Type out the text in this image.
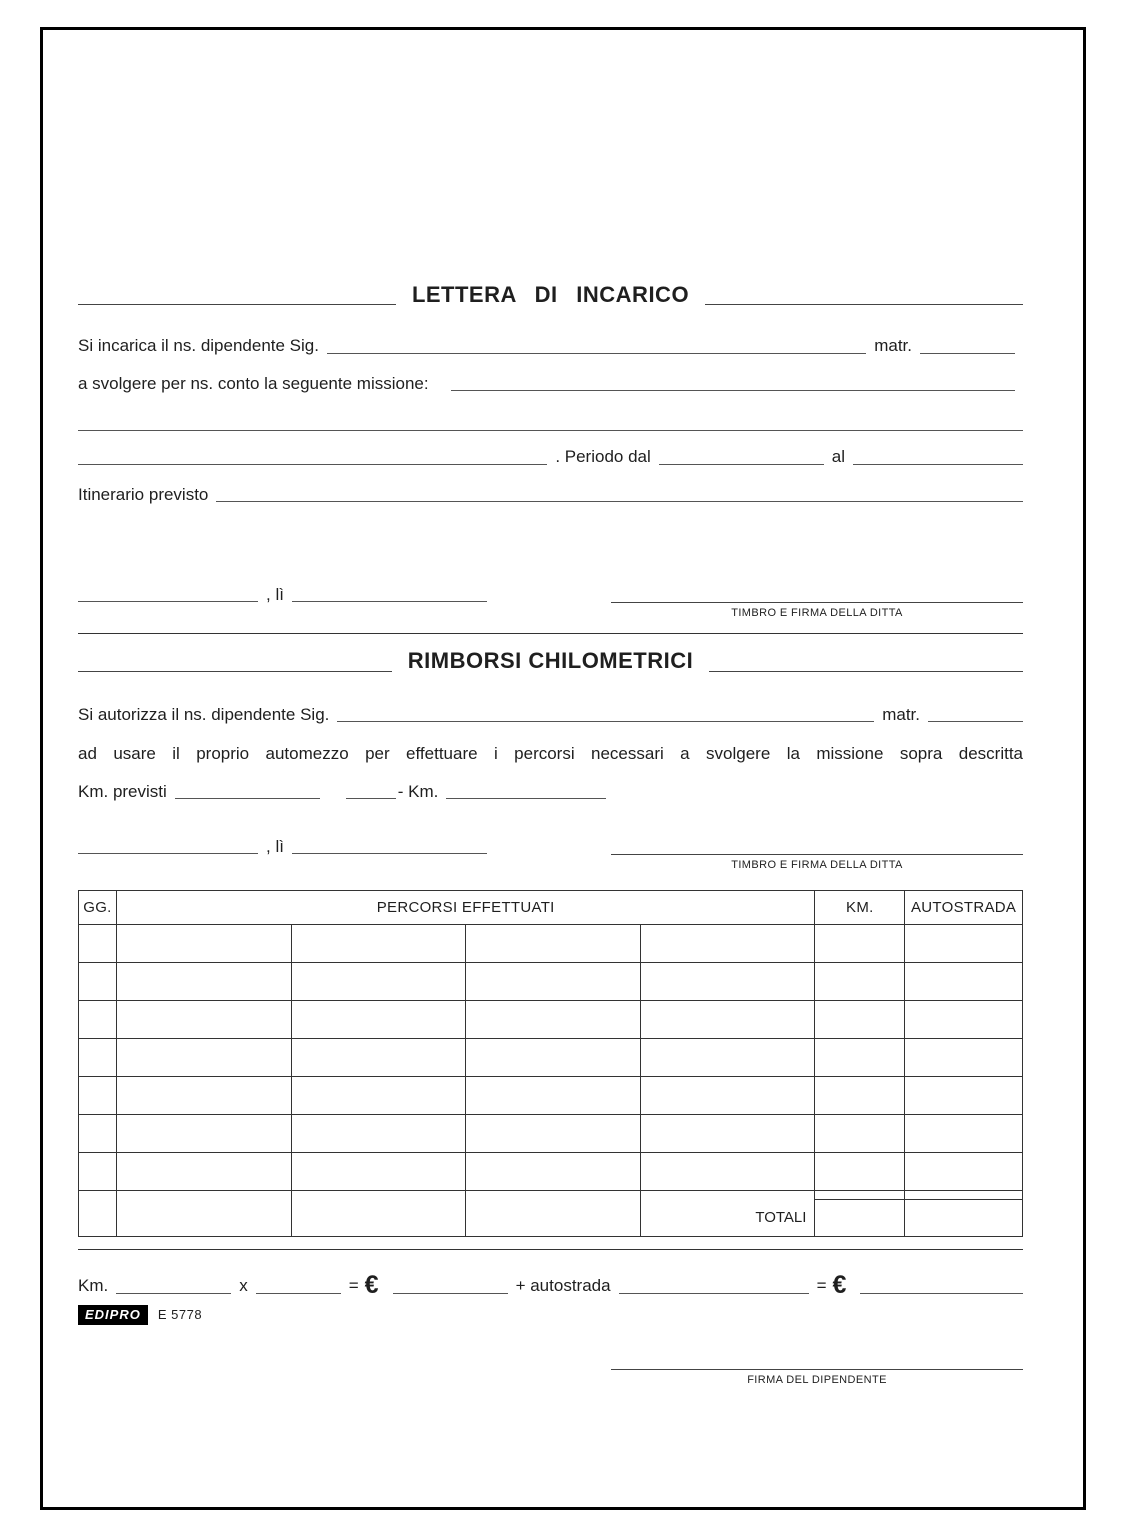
LETTERA DI INCARICO
Si incarica il ns. dipendente Sig.	matr.
a svolgere per ns. conto la seguente missione:
. Periodo dal	al
Itinerario previsto
, lì
TIMBRO E FIRMA DELLA DITTA
RIMBORSI CHILOMETRICI
Si autorizza il ns. dipendente Sig.	matr.
ad usare il proprio automezzo per effettuare i percorsi necessari a svolgere la missione sopra descritta
Km. previsti	- Km.
, lì
TIMBRO E FIRMA DELLA DITTA
GG.	PERCORSI EFFETTUATI	KM.	AUTOSTRADA
TOTALI
Km.	x	= €	+ autostrada	= €
EDIPRO	E 5778
FIRMA DEL DIPENDENTE
